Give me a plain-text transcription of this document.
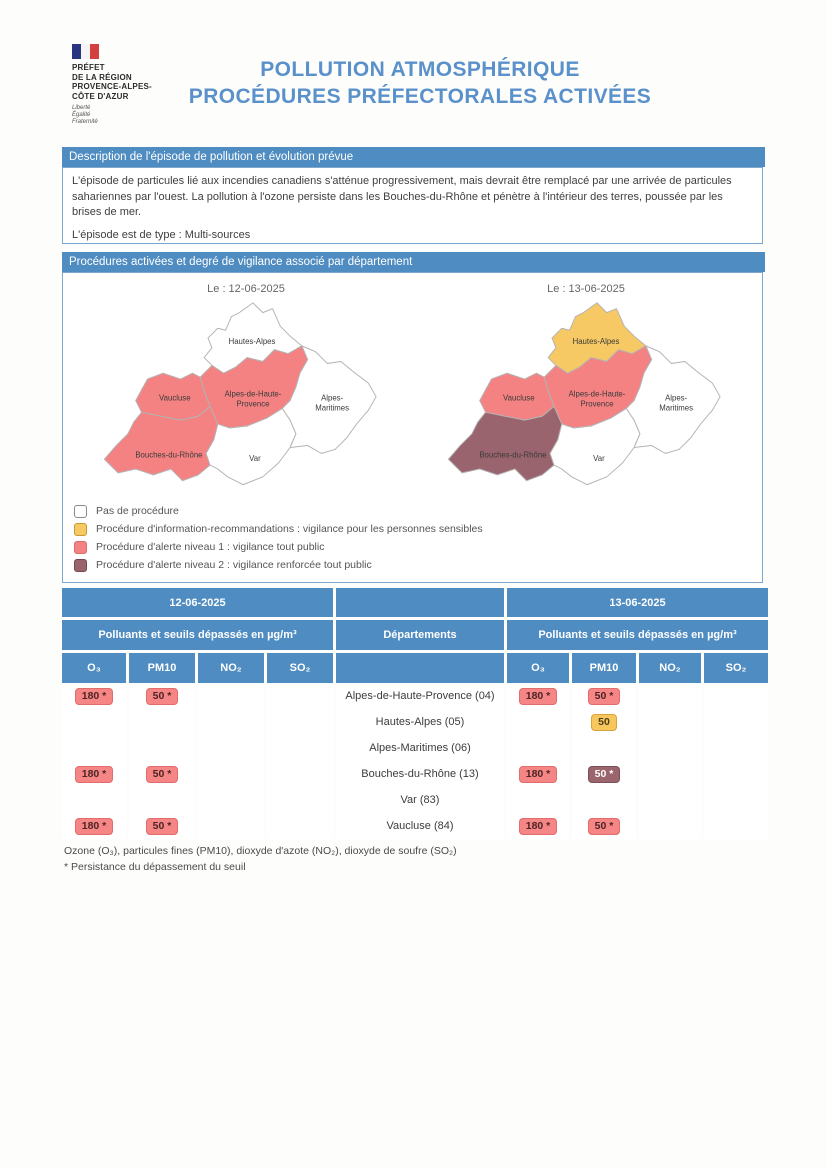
PRÉFET
DE LA RÉGION
PROVENCE-ALPES-
CÔTE D'AZUR
Liberté
Égalité
Fraternité
POLLUTION ATMOSPHÉRIQUE
PROCÉDURES PRÉFECTORALES ACTIVÉES
Description de l'épisode de pollution et évolution prévue

L'épisode de particules lié aux incendies canadiens s'atténue progressivement, mais devrait être remplacé par une arrivée de particules sahariennes par l'ouest. La pollution à l'ozone persiste dans les Bouches-du-Rhône et pénètre à l'intérieur des terres, poussée par les brises de mer.

L'épisode est de type : Multi-sources

Procédures activées et degré de vigilance associé par département
Le : 12-06-2025	Le : 13-06-2025
Hautes-Alpes
Alpes-de-Haute-
Provence
Vaucluse
Bouches-du-Rhône	Var
Alpes-
Maritimes
Hautes-Alpes
Alpes-de-Haute-
Provence
Vaucluse
Bouches-du-Rhône	Var
Alpes-
Maritimes
Pas de procédure
Procédure d'information-recommandations : vigilance pour les personnes sensibles
Procédure d'alerte niveau 1 : vigilance tout public
Procédure d'alerte niveau 2 : vigilance renforcée tout public
12-06-2025	13-06-2025
Polluants et seuils dépassés en µg/m³	Départements	Polluants et seuils dépassés en µg/m³
O₃	PM10	NO₂	SO₂	O₃	PM10	NO₂	SO₂
180 *	50 *	Alpes-de-Haute-Provence (04)	180 *	50 *
Hautes-Alpes (05)	50
Alpes-Maritimes (06)
180 *	50 *	Bouches-du-Rhône (13)	180 *	50 *
Var (83)
180 *	50 *	Vaucluse (84)	180 *	50 *
Ozone (O₃), particules fines (PM10), dioxyde d'azote (NO₂), dioxyde de soufre (SO₂)
* Persistance du dépassement du seuil
